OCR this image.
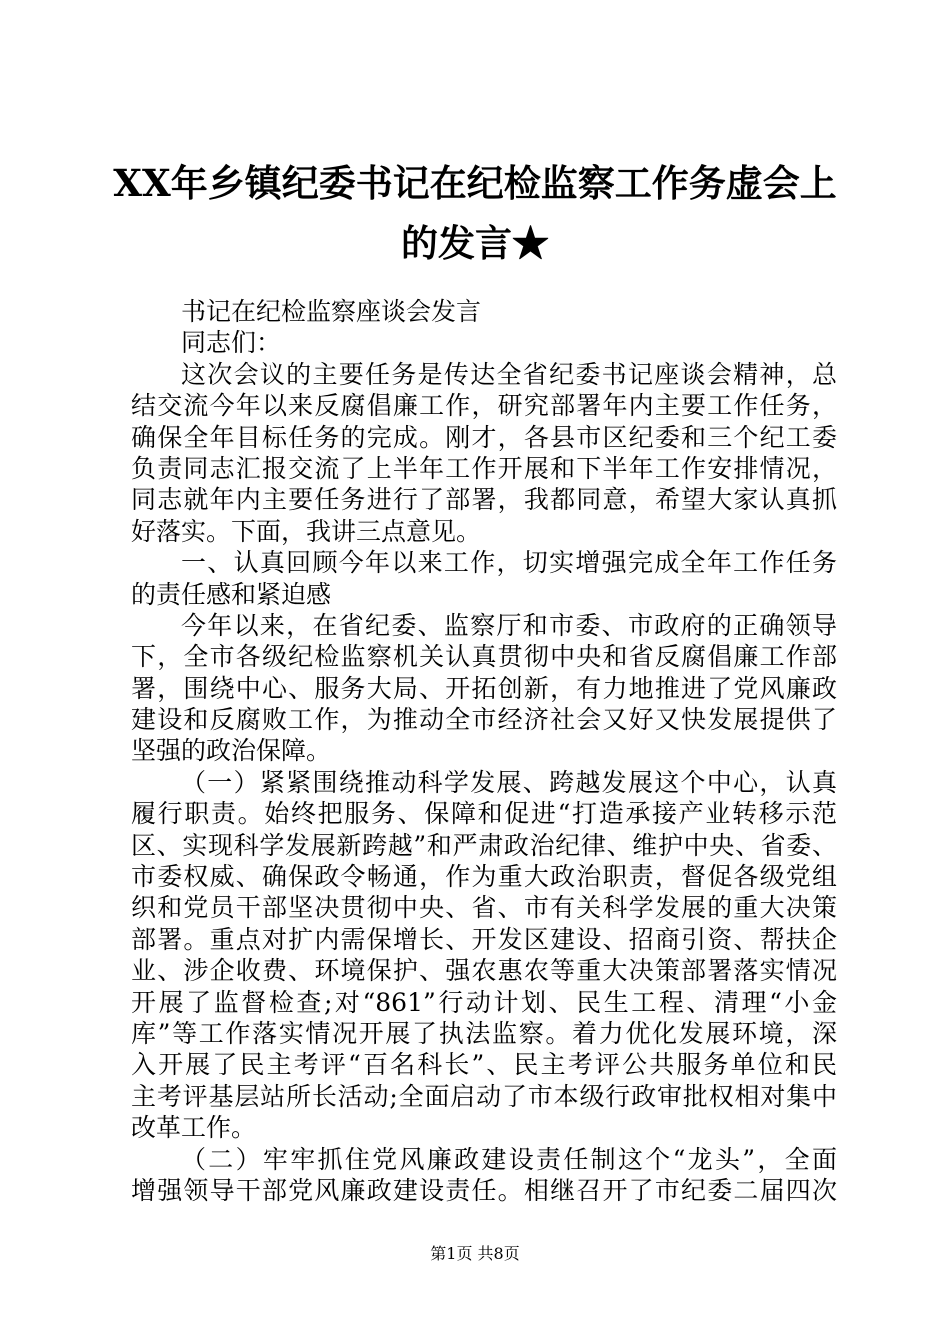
XX年乡镇纪委书记在纪检监察工作务虚会上
的发言★
书记在纪检监察座谈会发言
同志们：
这次会议的主要任务是传达全省纪委书记座谈会精神，总
结交流今年以来反腐倡廉工作，研究部署年内主要工作任务，
确保全年目标任务的完成。刚才，各县市区纪委和三个纪工委
负责同志汇报交流了上半年工作开展和下半年工作安排情况，
同志就年内主要任务进行了部署，我都同意，希望大家认真抓
好落实。下面，我讲三点意见。
一、认真回顾今年以来工作，切实增强完成全年工作任务
的责任感和紧迫感
今年以来，在省纪委、监察厅和市委、市政府的正确领导
下，全市各级纪检监察机关认真贯彻中央和省反腐倡廉工作部
署，围绕中心、服务大局、开拓创新，有力地推进了党风廉政
建设和反腐败工作，为推动全市经济社会又好又快发展提供了
坚强的政治保障。
（一）紧紧围绕推动科学发展、跨越发展这个中心，认真
履行职责。始终把服务、保障和促进“打造承接产业转移示范
区、实现科学发展新跨越”和严肃政治纪律、维护中央、省委、
市委权威、确保政令畅通，作为重大政治职责，督促各级党组
织和党员干部坚决贯彻中央、省、市有关科学发展的重大决策
部署。重点对扩内需保增长、开发区建设、招商引资、帮扶企
业、涉企收费、环境保护、强农惠农等重大决策部署落实情况
开展了监督检查;对“861”行动计划、民生工程、清理“小金
库”等工作落实情况开展了执法监察。着力优化发展环境，深
入开展了民主考评“百名科长”、民主考评公共服务单位和民
主考评基层站所长活动;全面启动了市本级行政审批权相对集中
改革工作。
（二）牢牢抓住党风廉政建设责任制这个“龙头”，全面
增强领导干部党风廉政建设责任。相继召开了市纪委二届四次
第1页 共8页
